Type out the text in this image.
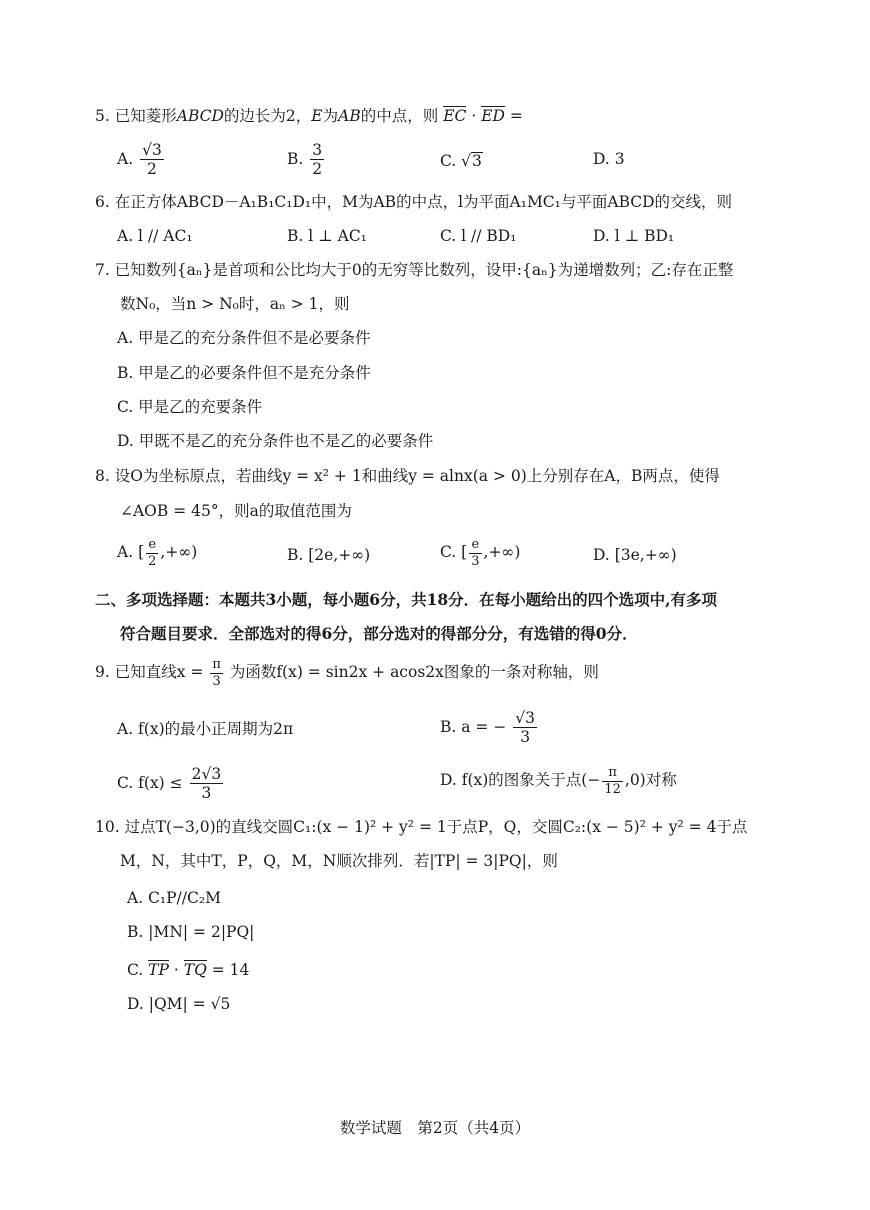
5. 已知菱形ABCD的边长为2，E为AB的中点，则 EC · ED =
A. $\frac{√3}{2}$	B. $\frac{3}{2}$	C. √3	D. 3
6. 在正方体ABCD－A₁B₁C₁D₁中，M为AB的中点，l为平面A₁MC₁与平面ABCD的交线，则
A. l // AC₁	B. l ⊥ AC₁	C. l // BD₁	D. l ⊥ BD₁
7. 已知数列{aₙ}是首项和公比均大于0的无穷等比数列，设甲:{aₙ}为递增数列；乙:存在正整
数N₀，当n > N₀时，aₙ > 1，则
A. 甲是乙的充分条件但不是必要条件
B. 甲是乙的必要条件但不是充分条件
C. 甲是乙的充要条件
D. 甲既不是乙的充分条件也不是乙的必要条件
8. 设O为坐标原点，若曲线y = x² + 1和曲线y = alnx(a > 0)上分别存在A，B两点，使得
∠AOB = 45°，则a的取值范围为
A. [ $\frac{e}{2}$ ,+∞)	B. [2e,+∞)	C. [ $\frac{e}{3}$ ,+∞)	D. [3e,+∞)
二、多项选择题：本题共3小题，每小题6分，共18分．在每小题给出的四个选项中,有多项
符合题目要求．全部选对的得6分，部分选对的得部分分，有选错的得0分．
9. 已知直线$x = \frac{\pi}{3}$ 为函数f(x) = sin2x + acos2x图象的一条对称轴，则
A. f(x)的最小正周期为2π	B. a = − $\frac{√3}{3}$
C. $f(x) \le \frac{2√3}{3}$	D. f(x)的图象关于点(− $\frac{\pi}{12} ,0$)对称
10. 过点T(−3,0)的直线交圆C₁:(x − 1)² + y² = 1于点P，Q，交圆C₂:(x − 5)² + y² = 4于点
M，N，其中T，P，Q，M，N顺次排列．若|TP| = 3|PQ|，则
A. C₁P//C₂M
B. |MN| = 2|PQ|
C. TP · TQ = 14
D. |QM| = √5
数学试题　第2页（共4页）
